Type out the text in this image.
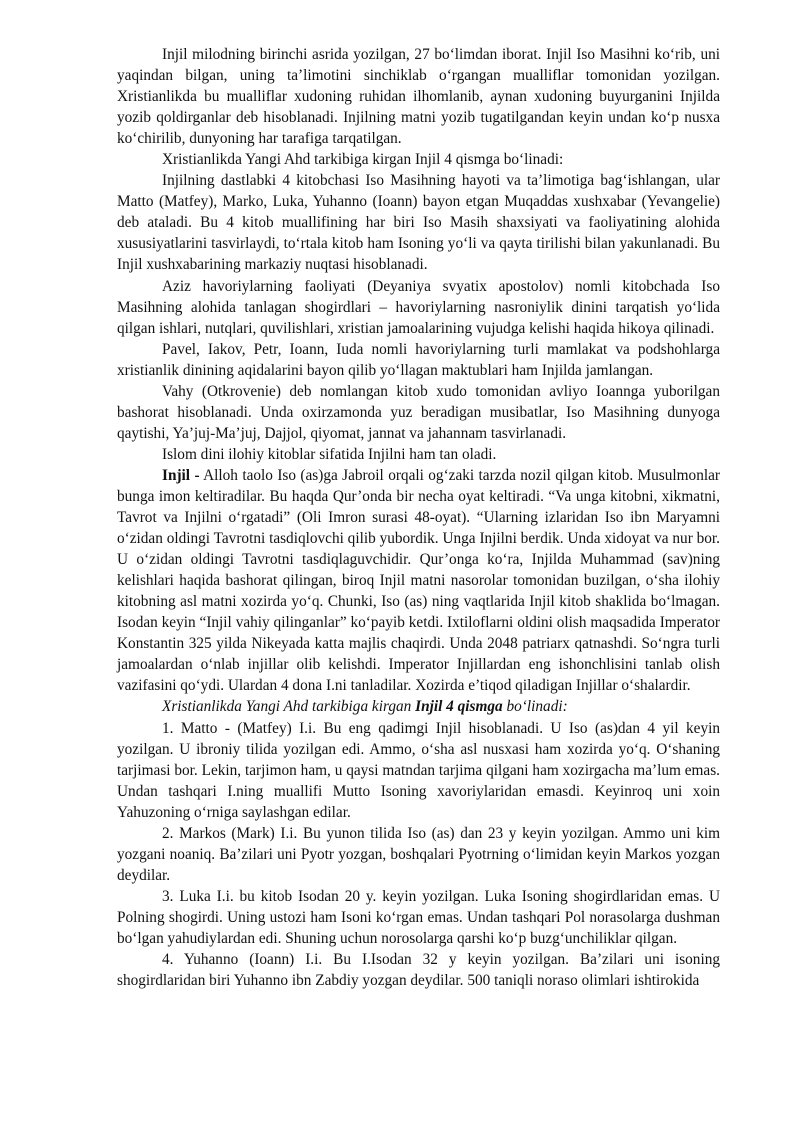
Injil milodning birinchi asrida yozilgan, 27 bo‘limdan iborat. Injil Iso Masihni ko‘rib, uni yaqindan bilgan, uning ta’limotini sinchiklab o‘rgangan mualliflar tomonidan yozilgan. Xristianlikda bu mualliflar xudoning ruhidan ilhomlanib, aynan xudoning buyurganini Injilda yozib qoldirganlar deb hisoblanadi. Injilning matni yozib tugatilgandan keyin undan ko‘p nusxa ko‘chirilib, dunyoning har tarafiga tarqatilgan.

Xristianlikda Yangi Ahd tarkibiga kirgan Injil 4 qismga bo‘linadi:

Injilning dastlabki 4 kitobchasi Iso Masihning hayoti va ta’limotiga bag‘ishlangan, ular Matto (Matfey), Marko, Luka, Yuhanno (Ioann) bayon etgan Muqaddas xushxabar (Yevangelie) deb ataladi. Bu 4 kitob muallifining har biri Iso Masih shaxsiyati va faoliyatining alohida xususiyatlarini tasvirlaydi, to‘rtala kitob ham Isoning yo‘li va qayta tirilishi bilan yakunlanadi. Bu Injil xushxabarining markaziy nuqtasi hisoblanadi.

Aziz havoriylarning faoliyati (Deyaniya svyatix apostolov) nomli kitobchada Iso Masihning alohida tanlagan shogirdlari – havoriylarning nasroniylik dinini tarqatish yo‘lida qilgan ishlari, nutqlari, quvilishlari, xristian jamoalarining vujudga kelishi haqida hikoya qilinadi.

Pavel, Iakov, Petr, Ioann, Iuda nomli havoriylarning turli mamlakat va podshohlarga xristianlik dinining aqidalarini bayon qilib yo‘llagan maktublari ham Injilda jamlangan.

Vahy (Otkrovenie) deb nomlangan kitob xudo tomonidan avliyo Ioannga yuborilgan bashorat hisoblanadi. Unda oxirzamonda yuz beradigan musibatlar, Iso Masihning dunyoga qaytishi, Ya’juj-Ma’juj, Dajjol, qiyomat, jannat va jahannam tasvirlanadi.

Islom dini ilohiy kitoblar sifatida Injilni ham tan oladi.

Injil - Alloh taolo Iso (as)ga Jabroil orqali og‘zaki tarzda nozil qilgan kitob. Musulmonlar bunga imon keltiradilar. Bu haqda Qur’onda bir necha oyat keltiradi. “Va unga kitobni, xikmatni, Tavrot va Injilni o‘rgatadi” (Oli Imron surasi 48-oyat). “Ularning izlaridan Iso ibn Maryamni o‘zidan oldingi Tavrotni tasdiqlovchi qilib yubordik. Unga Injilni berdik. Unda xidoyat va nur bor. U o‘zidan oldingi Tavrotni tasdiqlaguvchidir. Qur’onga ko‘ra, Injilda Muhammad (sav)ning kelishlari haqida bashorat qilingan, biroq Injil matni nasorolar tomonidan buzilgan, o‘sha ilohiy kitobning asl matni xozirda yo‘q. Chunki, Iso (as) ning vaqtlarida Injil kitob shaklida bo‘lmagan. Isodan keyin “Injil vahiy qilinganlar” ko‘payib ketdi. Ixtiloflarni oldini olish maqsadida Imperator Konstantin 325 yilda Nikeyada katta majlis chaqirdi. Unda 2048 patriarx qatnashdi. So‘ngra turli jamoalardan o‘nlab injillar olib kelishdi. Imperator Injillardan eng ishonchlisini tanlab olish vazifasini qo‘ydi. Ulardan 4 dona I.ni tanladilar. Xozirda e’tiqod qiladigan Injillar o‘shalardir.

Xristianlikda Yangi Ahd tarkibiga kirgan Injil 4 qismga bo‘linadi:

1. Matto - (Matfey) I.i. Bu eng qadimgi Injil hisoblanadi. U Iso (as)dan 4 yil keyin yozilgan. U ibroniy tilida yozilgan edi. Ammo, o‘sha asl nusxasi ham xozirda yo‘q. O‘shaning tarjimasi bor. Lekin, tarjimon ham, u qaysi matndan tarjima qilgani ham xozirgacha ma’lum emas. Undan tashqari I.ning muallifi Mutto Isoning xavoriylaridan emasdi. Keyinroq uni xoin Yahuzoning o‘rniga saylashgan edilar.

2. Markos (Mark) I.i. Bu yunon tilida Iso (as) dan 23 y keyin yozilgan. Ammo uni kim yozgani noaniq. Ba’zilari uni Pyotr yozgan, boshqalari Pyotrning o‘limidan keyin Markos yozgan deydilar.

3. Luka I.i. bu kitob Isodan 20 y. keyin yozilgan. Luka Isoning shogirdlaridan emas. U Polning shogirdi. Uning ustozi ham Isoni ko‘rgan emas. Undan tashqari Pol norasolarga dushman bo‘lgan yahudiylardan edi. Shuning uchun norosolarga qarshi ko‘p buzg‘unchiliklar qilgan.

4. Yuhanno (Ioann) I.i. Bu I.Isodan 32 y keyin yozilgan. Ba’zilari uni isoning shogirdlaridan biri Yuhanno ibn Zabdiy yozgan deydilar. 500 taniqli noraso olimlari ishtirokida
